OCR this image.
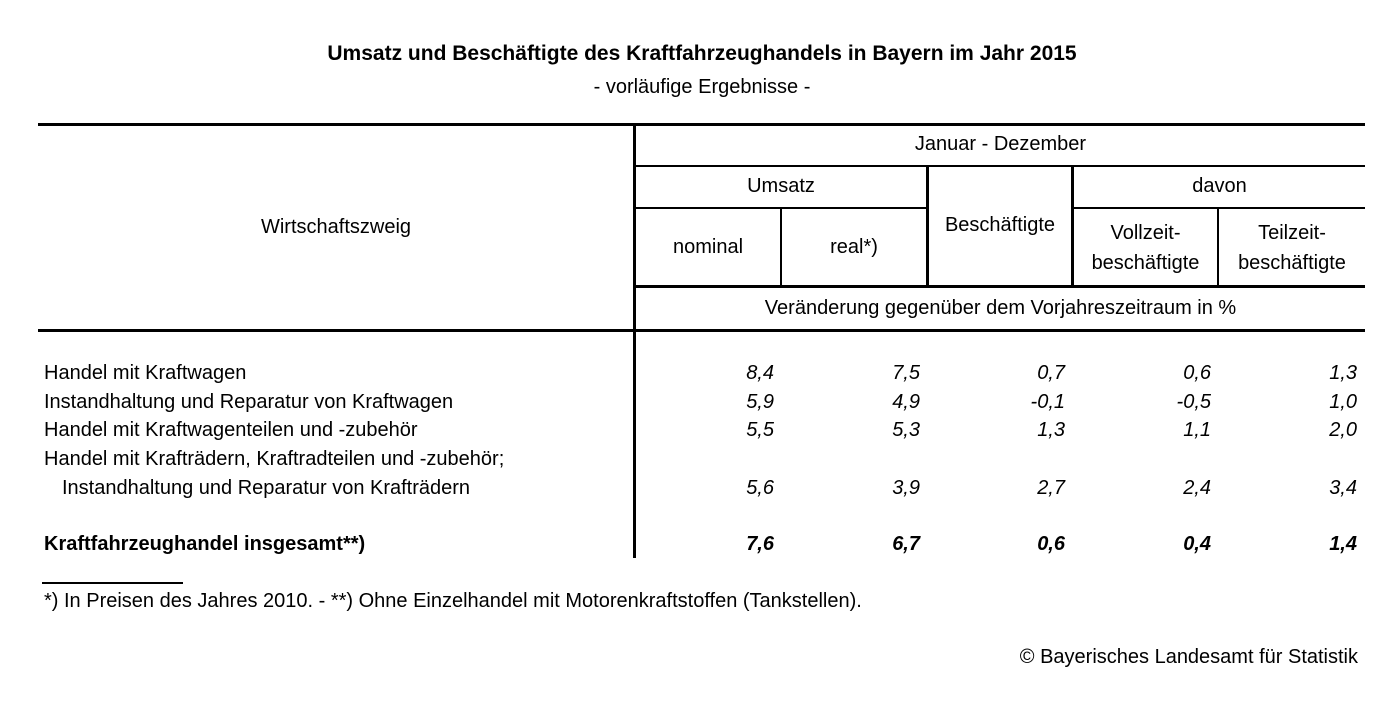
Umsatz und Beschäftigte des Kraftfahrzeughandels in Bayern im Jahr 2015
- vorläufige Ergebnisse -
Wirtschaftszweig
Januar - Dezember
Umsatz
nominal	real*)
Beschäftigte
davon
Vollzeit-
beschäftigte
Teilzeit-
beschäftigte
Veränderung gegenüber dem Vorjahreszeitraum in %
Handel mit Kraftwagen	8,4	7,5	0,7	0,6	1,3
Instandhaltung und Reparatur von Kraftwagen	5,9	4,9	-0,1	-0,5	1,0
Handel mit Kraftwagenteilen und -zubehör	5,5	5,3	1,3	1,1	2,0
Handel mit Krafträdern, Kraftradteilen und -zubehör;
Instandhaltung und Reparatur von Krafträdern	5,6	3,9	2,7	2,4	3,4
Kraftfahrzeughandel insgesamt**)	7,6	6,7	0,6	0,4	1,4
*) In Preisen des Jahres 2010. - **) Ohne Einzelhandel mit Motorenkraftstoffen (Tankstellen).
© Bayerisches Landesamt für Statistik
